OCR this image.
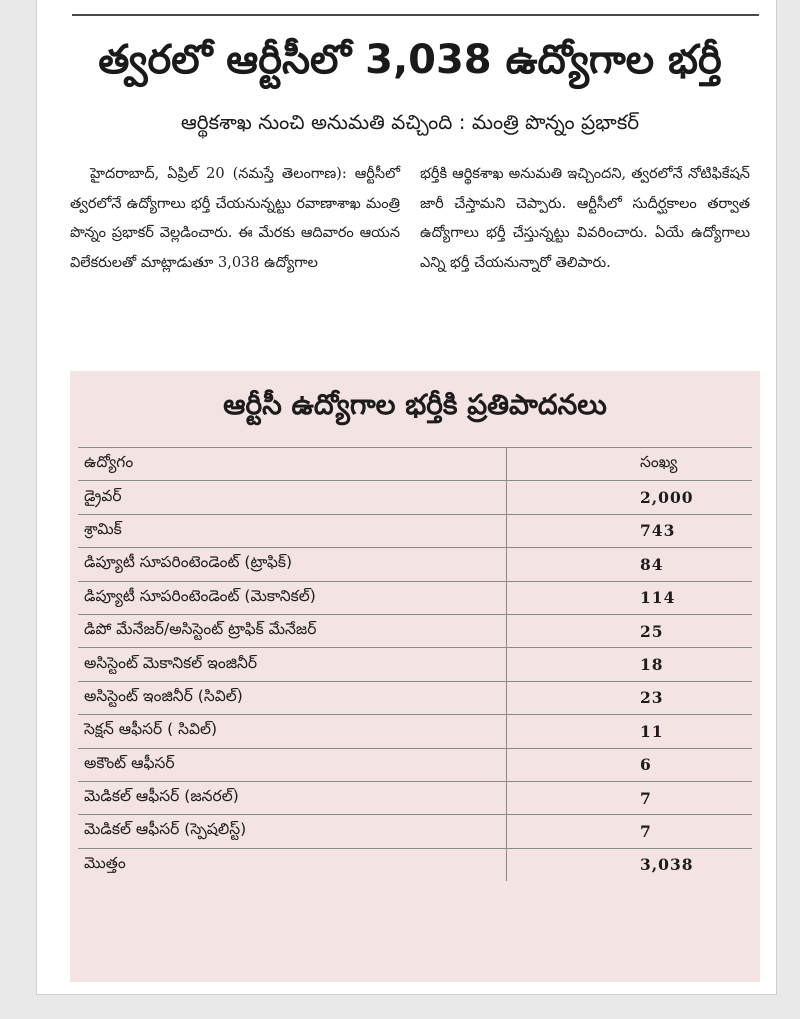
త్వరలో ఆర్టీసీలో 3,038 ఉద్యోగాల భర్తీ
ఆర్థికశాఖ నుంచి అనుమతి వచ్చింది : మంత్రి పొన్నం ప్రభాకర్
హైదరాబాద్, ఏప్రిల్ 20 (నమస్తే తెలంగాణ): ఆర్టీసీలో త్వరలోనే ఉద్యోగాలు భర్తీ చేయనున్నట్టు రవాణాశాఖ మంత్రి పొన్నం ప్రభాకర్ వెల్లడించారు. ఈ మేరకు ఆదివారం ఆయన విలేకరులతో మాట్లాడుతూ 3,038 ఉద్యోగాల
భర్తీకి ఆర్థికశాఖ అనుమతి ఇచ్చిందని, త్వరలోనే నోటిఫికేషన్ జారీ చేస్తామని చెప్పారు. ఆర్టీసీలో సుదీర్ఘకాలం తర్వాత ఉద్యోగాలు భర్తీ చేస్తున్నట్టు వివరించారు. ఏయే ఉద్యోగాలు ఎన్ని భర్తీ చేయనున్నారో తెలిపారు.
ఆర్టీసీ ఉద్యోగాల భర్తీకి ప్రతిపాదనలు
ఉద్యోగం	సంఖ్య
డ్రైవర్	2,000
శ్రామిక్	743
డిప్యూటీ సూపరింటెండెంట్ (ట్రాఫిక్)	84
డిప్యూటీ సూపరింటెండెంట్ (మెకానికల్)	114
డిపో మేనేజర్/అసిస్టెంట్ ట్రాఫిక్ మేనేజర్	25
అసిస్టెంట్ మెకానికల్ ఇంజినీర్	18
అసిస్టెంట్ ఇంజినీర్ (సివిల్)	23
సెక్షన్ ఆఫీసర్ ( సివిల్)	11
అకౌంట్ ఆఫీసర్	6
మెడికల్ ఆఫీసర్ (జనరల్)	7
మెడికల్ ఆఫీసర్ (స్పెషలిస్ట్)	7
మొత్తం	3,038
